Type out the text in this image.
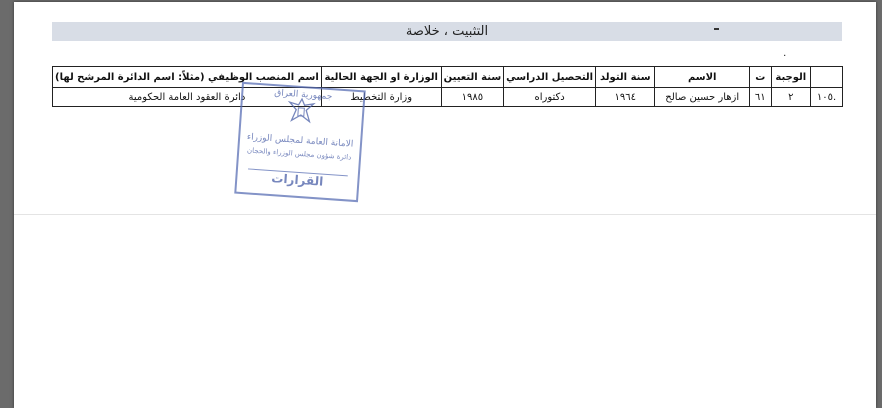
التثبيت ، خلاصة
٠
	الوجبة	ت	الاسم	سنة التولد	التحصيل الدراسي	سنة التعيين	الوزارة او الجهة الحالية	اسم المنصب الوظيفي (مثلاً: اسم الدائرة المرشح لها)
.١٠٥	٢	٦١	ازهار حسين صالح	١٩٦٤	دكتوراه	١٩٨٥	وزارة التخطيط	دائرة العقود العامة الحكومية	جمهورية العراق
الامانة العامة لمجلس الوزراء
دائرة شؤون مجلس الوزراء والحجان
القرارات
